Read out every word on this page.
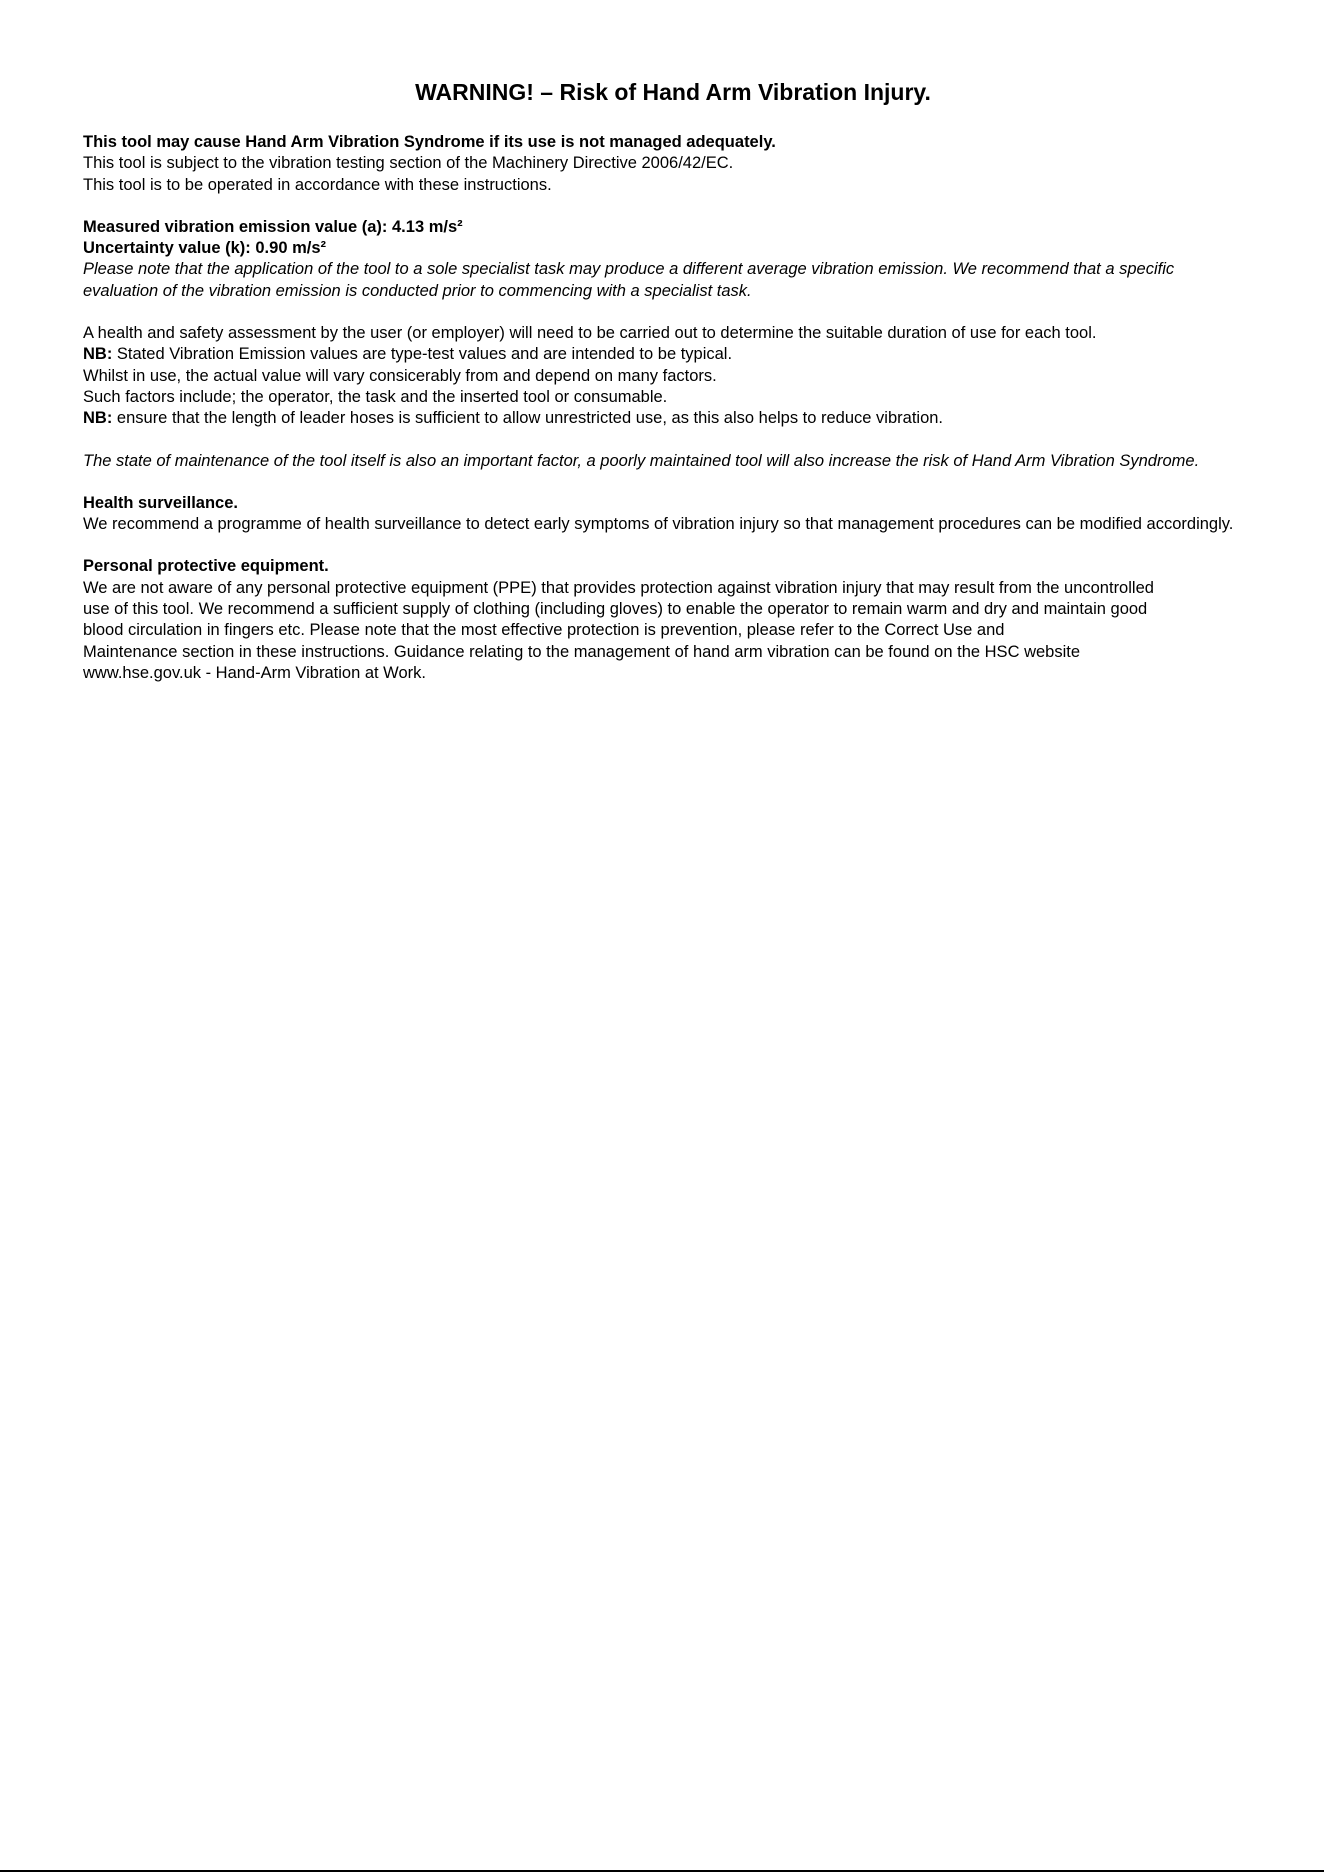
WARNING! – Risk of Hand Arm Vibration Injury.
This tool may cause Hand Arm Vibration Syndrome if its use is not managed adequately.
This tool is subject to the vibration testing section of the Machinery Directive 2006/42/EC.
This tool is to be operated in accordance with these instructions.
Measured vibration emission value (a): 4.13 m/s²
Uncertainty value (k): 0.90 m/s²
Please note that the application of the tool to a sole specialist task may produce a different average vibration emission. We recommend that a specific evaluation of the vibration emission is conducted prior to commencing with a specialist task.
A health and safety assessment by the user (or employer) will need to be carried out to determine the suitable duration of use for each tool.
NB: Stated Vibration Emission values are type-test values and are intended to be typical.
Whilst in use, the actual value will vary consicerably from and depend on many factors.
Such factors include; the operator, the task and the inserted tool or consumable.
NB: ensure that the length of leader hoses is sufficient to allow unrestricted use, as this also helps to reduce vibration.
The state of maintenance of the tool itself is also an important factor, a poorly maintained tool will also increase the risk of Hand Arm Vibration Syndrome.
Health surveillance.
We recommend a programme of health surveillance to detect early symptoms of vibration injury so that management procedures can be modified accordingly.
Personal protective equipment.
We are not aware of any personal protective equipment (PPE) that provides protection against vibration injury that may result from the uncontrolled
use of this tool. We recommend a sufficient supply of clothing (including gloves) to enable the operator to remain warm and dry and maintain good
blood circulation in fingers etc. Please note that the most effective protection is prevention, please refer to the Correct Use and
Maintenance section in these instructions. Guidance relating to the management of hand arm vibration can be found on the HSC website
www.hse.gov.uk - Hand-Arm Vibration at Work.
